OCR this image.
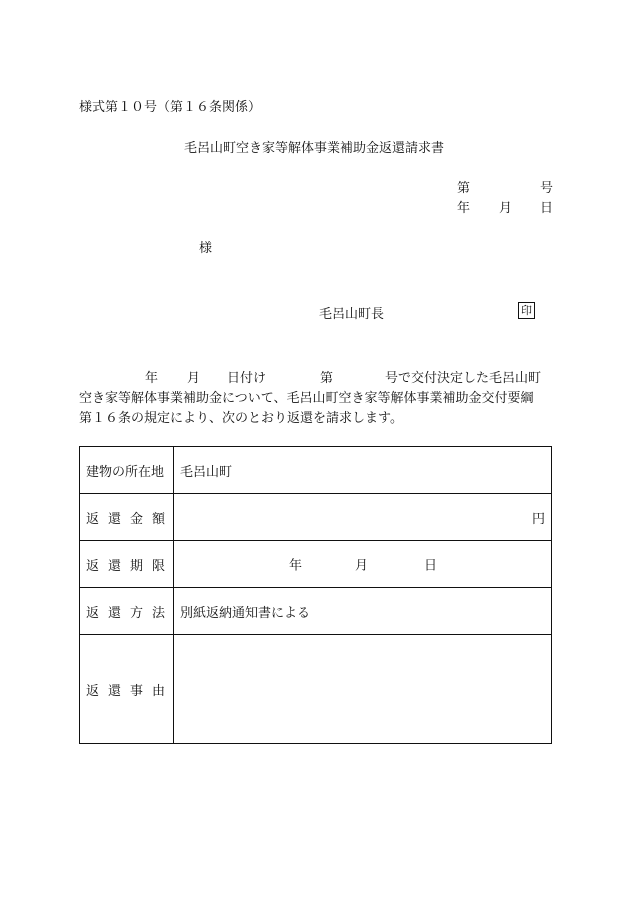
様式第１０号（第１６条関係）
毛呂山町空き家等解体事業補助金返還請求書
第	号
年 月 日
様
毛呂山町長	印
年 月 日付け	第	号で交付決定した毛呂山町
空き家等解体事業補助金について、毛呂山町空き家等解体事業補助金交付要綱
第１６条の規定により、次のとおり返還を請求します。
建物の所在地	毛呂山町

返 還 金 額	円

返 還 期 限	年 月 日

返 還 方 法	別紙返納通知書による

返 還 事 由	
